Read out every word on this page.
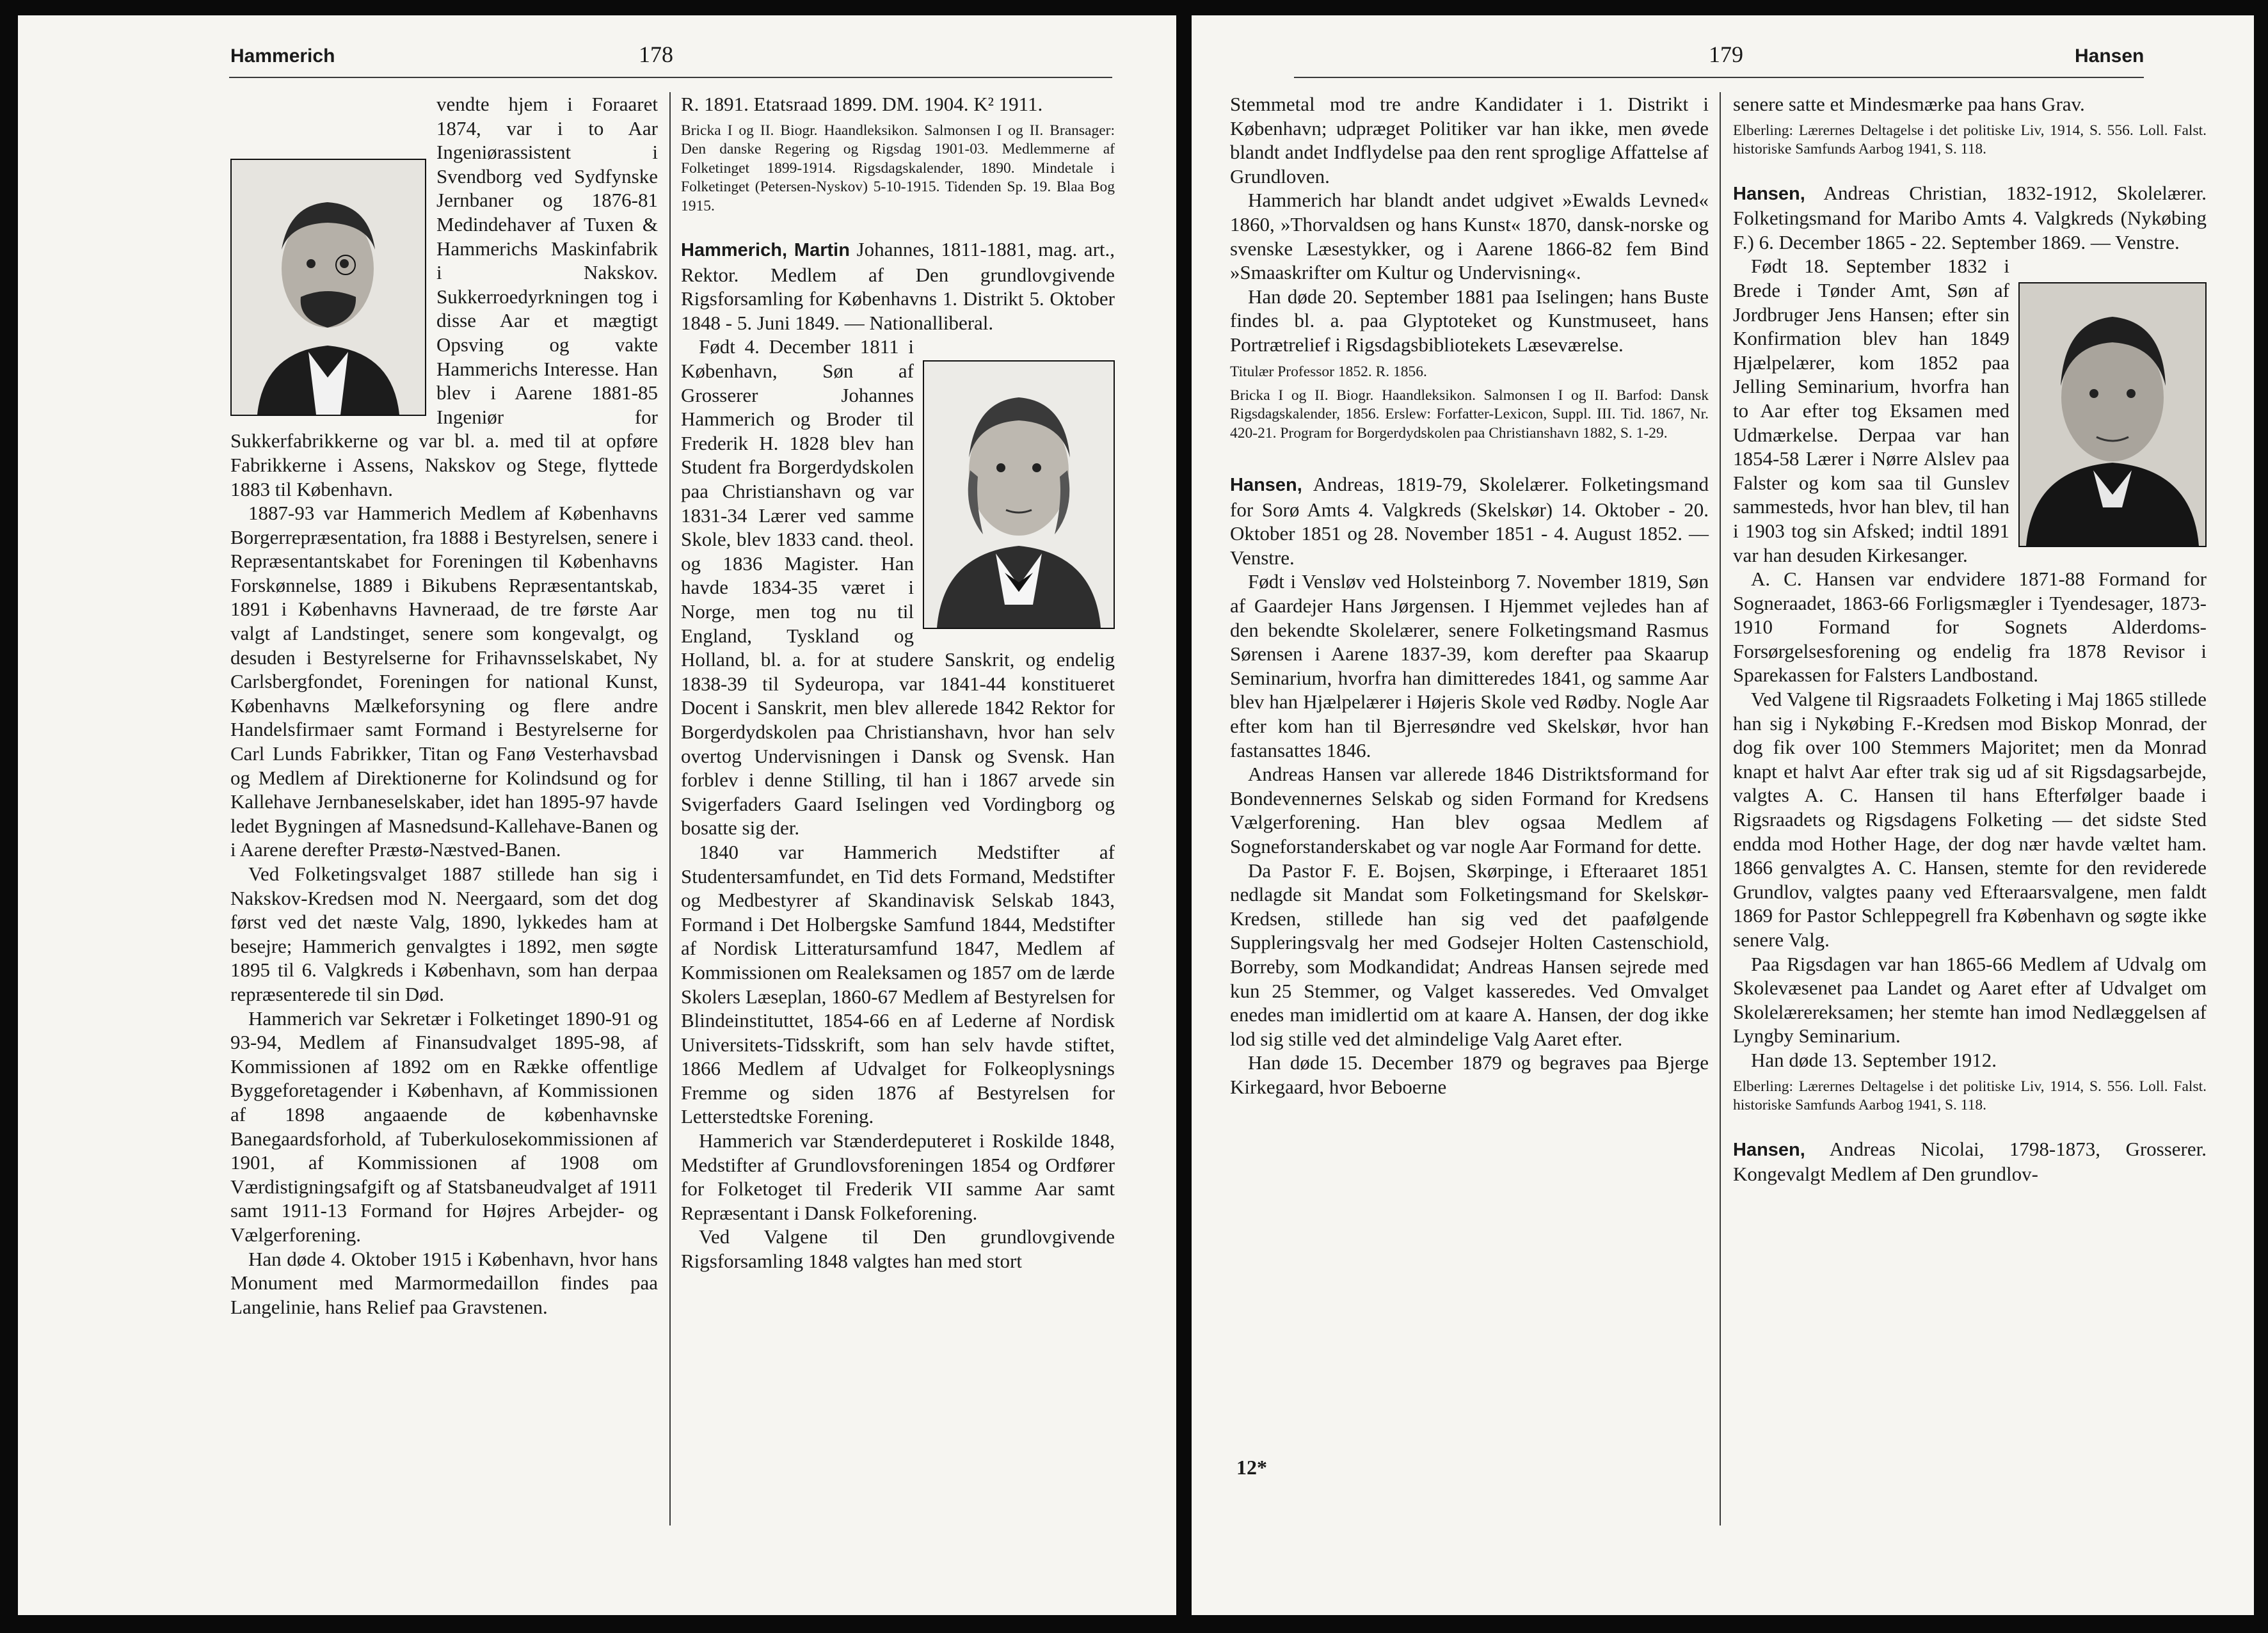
Hammerich	178

vendte hjem i Foraaret 1874, var i to Aar Ingeniørassistent i Svendborg ved Sydfynske Jernbaner og 1876-81 Medindehaver af Tuxen & Hammerichs Maskinfabrik i Nakskov. Sukkerroedyrkningen tog i disse Aar et mægtigt Opsving og vakte Hammerichs Interesse. Han blev i Aarene 1881-85 Ingeniør for Sukkerfabrikkerne og var bl. a. med til at opføre Fabrikkerne i Assens, Nakskov og Stege, flyttede 1883 til København.

1887-93 var Hammerich Medlem af Københavns Borgerrepræsentation, fra 1888 i Bestyrelsen, senere i Repræsentantskabet for Foreningen til Københavns Forskønnelse, 1889 i Bikubens Repræsentantskab, 1891 i Københavns Havneraad, de tre første Aar valgt af Landstinget, senere som kongevalgt, og desuden i Bestyrelserne for Frihavnsselskabet, Ny Carlsbergfondet, Foreningen for national Kunst, Københavns Mælkeforsyning og flere andre Handelsfirmaer samt Formand i Bestyrelserne for Carl Lunds Fabrikker, Titan og Fanø Vesterhavsbad og Medlem af Direktionerne for Kolindsund og for Kallehave Jernbaneselskaber, idet han 1895-97 havde ledet Bygningen af Masnedsund-Kallehave-Banen og i Aarene derefter Præstø-Næstved-Banen.

Ved Folketingsvalget 1887 stillede han sig i Nakskov-Kredsen mod N. Neergaard, som det dog først ved det næste Valg, 1890, lykkedes ham at besejre; Hammerich genvalgtes i 1892, men søgte 1895 til 6. Valgkreds i København, som han derpaa repræsenterede til sin Død.

Hammerich var Sekretær i Folketinget 1890-91 og 93-94, Medlem af Finansudvalget 1895-98, af Kommissionen af 1892 om en Række offentlige Byggeforetagender i København, af Kommissionen af 1898 angaaende de københavnske Banegaardsforhold, af Tuberkulosekommissionen af 1901, af Kommissionen af 1908 om Værdistigningsafgift og af Statsbaneudvalget af 1911 samt 1911-13 Formand for Højres Arbejder- og Vælgerforening.

Han døde 4. Oktober 1915 i København, hvor hans Monument med Marmormedaillon findes paa Langelinie, hans Relief paa Gravstenen.

R. 1891. Etatsraad 1899. DM. 1904. K² 1911.

Bricka I og II. Biogr. Haandleksikon. Salmonsen I og II. Bransager: Den danske Regering og Rigsdag 1901-03. Medlemmerne af Folketinget 1899-1914. Rigsdagskalender, 1890. Mindetale i Folketinget (Petersen-Nyskov) 5-10-1915. Tidenden Sp. 19. Blaa Bog 1915.

Hammerich, Martin Johannes, 1811-1881, mag. art., Rektor. Medlem af Den grundlovgivende Rigsforsamling for Københavns 1. Distrikt 5. Oktober 1848 - 5. Juni 1849. — Nationalliberal.

Født 4. December 1811 i København, Søn af Grosserer Johannes Hammerich og Broder til Frederik H. 1828 blev han Student fra Borgerdydskolen paa Christianshavn og var 1831-34 Lærer ved samme Skole, blev 1833 cand. theol. og 1836 Magister. Han havde 1834-35 været i Norge, men tog nu til England, Tyskland og Holland, bl. a. for at studere Sanskrit, og endelig 1838-39 til Sydeuropa, var 1841-44 konstitueret Docent i Sanskrit, men blev allerede 1842 Rektor for Borgerdydskolen paa Christianshavn, hvor han selv overtog Undervisningen i Dansk og Svensk. Han forblev i denne Stilling, til han i 1867 arvede sin Svigerfaders Gaard Iselingen ved Vordingborg og bosatte sig der.

1840 var Hammerich Medstifter af Studentersamfundet, en Tid dets Formand, Medstifter og Medbestyrer af Skandinavisk Selskab 1843, Formand i Det Holbergske Samfund 1844, Medstifter af Nordisk Litteratursamfund 1847, Medlem af Kommissionen om Realeksamen og 1857 om de lærde Skolers Læseplan, 1860-67 Medlem af Bestyrelsen for Blindeinstituttet, 1854-66 en af Lederne af Nordisk Universitets-Tidsskrift, som han selv havde stiftet, 1866 Medlem af Udvalget for Folkeoplysnings Fremme og siden 1876 af Bestyrelsen for Letterstedtske Forening.

Hammerich var Stænderdeputeret i Roskilde 1848, Medstifter af Grundlovsforeningen 1854 og Ordfører for Folketoget til Frederik VII samme Aar samt Repræsentant i Dansk Folkeforening.

Ved Valgene til Den grundlovgivende Rigsforsamling 1848 valgtes han med stort

179	Hansen

Stemmetal mod tre andre Kandidater i 1. Distrikt i København; udpræget Politiker var han ikke, men øvede blandt andet Indflydelse paa den rent sproglige Affattelse af Grundloven.

Hammerich har blandt andet udgivet »Ewalds Levned« 1860, »Thorvaldsen og hans Kunst« 1870, dansk-norske og svenske Læsestykker, og i Aarene 1866-82 fem Bind »Smaaskrifter om Kultur og Undervisning«.

Han døde 20. September 1881 paa Iselingen; hans Buste findes bl. a. paa Glyptoteket og Kunstmuseet, hans Portrætrelief i Rigsdagsbibliotekets Læseværelse.

Titulær Professor 1852. R. 1856.

Bricka I og II. Biogr. Haandleksikon. Salmonsen I og II. Barfod: Dansk Rigsdagskalender, 1856. Erslew: Forfatter-Lexicon, Suppl. III. Tid. 1867, Nr. 420-21. Program for Borgerdydskolen paa Christianshavn 1882, S. 1-29.

Hansen, Andreas, 1819-79, Skolelærer. Folketingsmand for Sorø Amts 4. Valgkreds (Skelskør) 14. Oktober - 20. Oktober 1851 og 28. November 1851 - 4. August 1852. — Venstre.

Født i Vensløv ved Holsteinborg 7. November 1819, Søn af Gaardejer Hans Jørgensen. I Hjemmet vejledes han af den bekendte Skolelærer, senere Folketingsmand Rasmus Sørensen i Aarene 1837-39, kom derefter paa Skaarup Seminarium, hvorfra han dimitteredes 1841, og samme Aar blev han Hjælpelærer i Højeris Skole ved Rødby. Nogle Aar efter kom han til Bjerresøndre ved Skelskør, hvor han fastansattes 1846.

Andreas Hansen var allerede 1846 Distriktsformand for Bondevennernes Selskab og siden Formand for Kredsens Vælgerforening. Han blev ogsaa Medlem af Sogneforstanderskabet og var nogle Aar Formand for dette.

Da Pastor F. E. Bojsen, Skørpinge, i Efteraaret 1851 nedlagde sit Mandat som Folketingsmand for Skelskør-Kredsen, stillede han sig ved det paafølgende Suppleringsvalg her med Godsejer Holten Castenschiold, Borreby, som Modkandidat; Andreas Hansen sejrede med kun 25 Stemmer, og Valget kasseredes. Ved Omvalget enedes man imidlertid om at kaare A. Hansen, der dog ikke lod sig stille ved det almindelige Valg Aaret efter.

Han døde 15. December 1879 og begraves paa Bjerge Kirkegaard, hvor Beboerne

senere satte et Mindesmærke paa hans Grav.

Elberling: Lærernes Deltagelse i det politiske Liv, 1914, S. 556. Loll. Falst. historiske Samfunds Aarbog 1941, S. 118.

Hansen, Andreas Christian, 1832-1912, Skolelærer. Folketingsmand for Maribo Amts 4. Valgkreds (Nykøbing F.) 6. December 1865 - 22. September 1869. — Venstre.

Født 18. September 1832 i Brede i Tønder Amt, Søn af Jordbruger Jens Hansen; efter sin Konfirmation blev han 1849 Hjælpelærer, kom 1852 paa Jelling Seminarium, hvorfra han to Aar efter tog Eksamen med Udmærkelse. Derpaa var han 1854-58 Lærer i Nørre Alslev paa Falster og kom saa til Gunslev sammesteds, hvor han blev, til han i 1903 tog sin Afsked; indtil 1891 var han desuden Kirkesanger.

A. C. Hansen var endvidere 1871-88 Formand for Sogneraadet, 1863-66 Forligsmægler i Tyendesager, 1873-1910 Formand for Sognets Alderdoms-Forsørgelsesforening og endelig fra 1878 Revisor i Sparekassen for Falsters Landbostand.

Ved Valgene til Rigsraadets Folketing i Maj 1865 stillede han sig i Nykøbing F.-Kredsen mod Biskop Monrad, der dog fik over 100 Stemmers Majoritet; men da Monrad knapt et halvt Aar efter trak sig ud af sit Rigsdagsarbejde, valgtes A. C. Hansen til hans Efterfølger baade i Rigsraadets og Rigsdagens Folketing — det sidste Sted endda mod Hother Hage, der dog nær havde væltet ham. 1866 genvalgtes A. C. Hansen, stemte for den reviderede Grundlov, valgtes paany ved Efteraarsvalgene, men faldt 1869 for Pastor Schleppegrell fra København og søgte ikke senere Valg.

Paa Rigsdagen var han 1865-66 Medlem af Udvalg om Skolevæsenet paa Landet og Aaret efter af Udvalget om Skolelærereksamen; her stemte han imod Nedlæggelsen af Lyngby Seminarium.

Han døde 13. September 1912.

Elberling: Lærernes Deltagelse i det politiske Liv, 1914, S. 556. Loll. Falst. historiske Samfunds Aarbog 1941, S. 118.

Hansen, Andreas Nicolai, 1798-1873, Grosserer. Kongevalgt Medlem af Den grundlov-

12*
